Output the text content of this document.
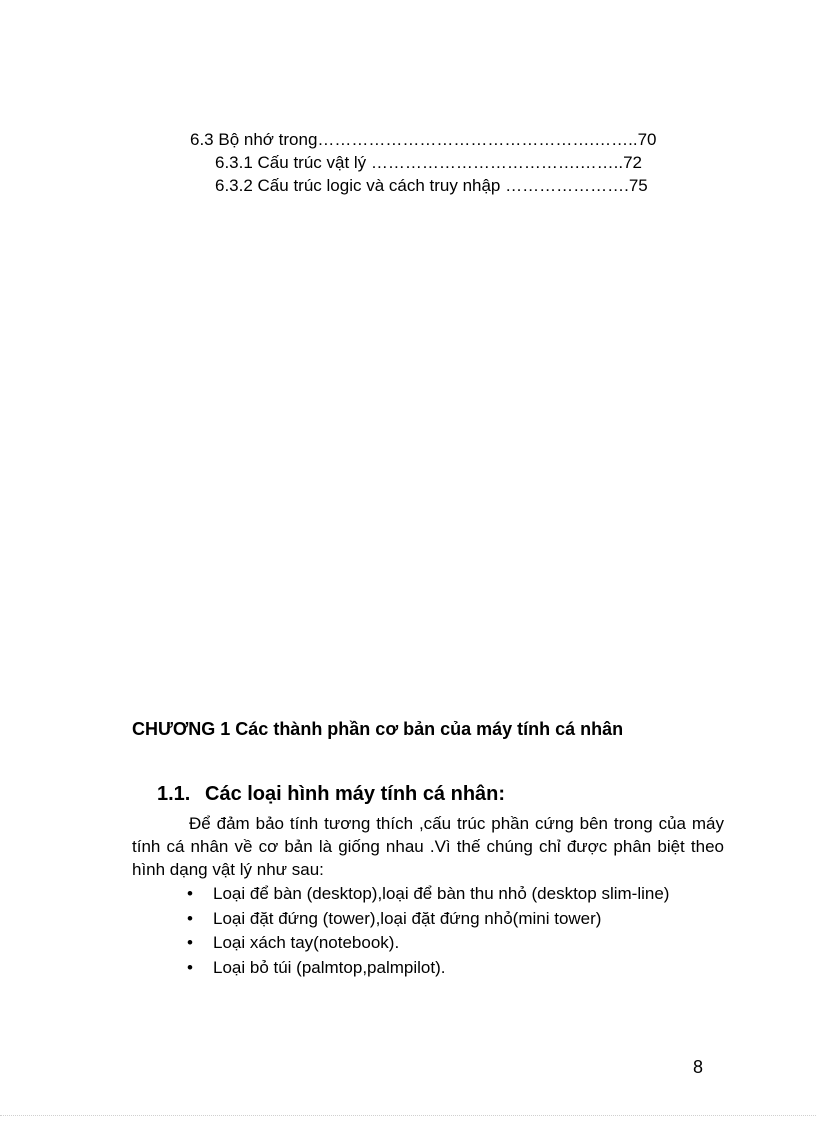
6.3 Bộ nhớ trong………………………………………….……..70
6.3.1 Cấu trúc vật lý ……………………………….……..72
6.3.2 Cấu trúc logic và cách truy nhập ………………….75
CHƯƠNG 1 Các thành phần cơ bản của máy tính cá nhân
1.1. Các loại hình máy tính cá nhân:
Để đảm bảo tính tương thích ,cấu trúc phần cứng bên trong của máy tính cá nhân về cơ bản là giống nhau .Vì thế chúng chỉ được phân biệt theo hình dạng vật lý như sau:
• Loại để bàn (desktop),loại để bàn thu nhỏ (desktop slim-line)
• Loại đặt đứng (tower),loại đặt đứng nhỏ(mini tower)
• Loại xách tay(notebook).
• Loại bỏ túi (palmtop,palmpilot).
8
